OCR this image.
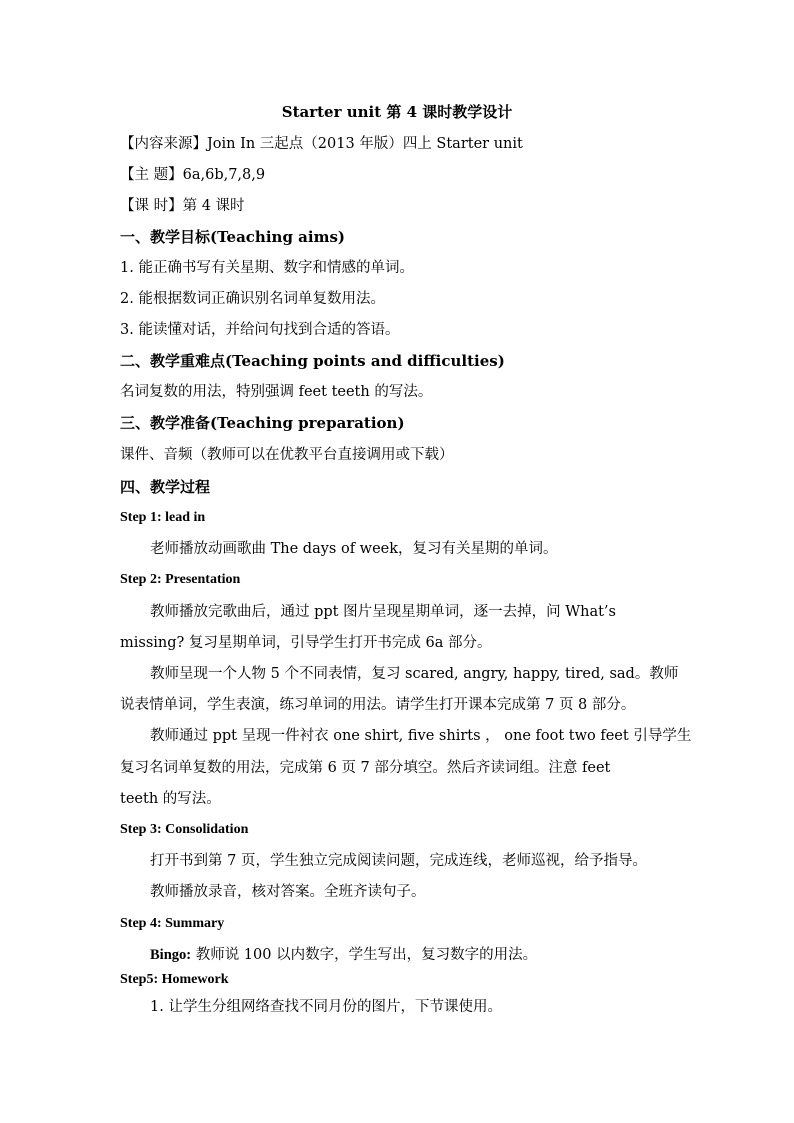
Starter unit 第 4 课时教学设计
【内容来源】Join In 三起点（2013 年版）四上 Starter unit
【主 题】6a,6b,7,8,9
【课 时】第 4 课时
一、教学目标(Teaching aims)
1. 能正确书写有关星期、数字和情感的单词。
2. 能根据数词正确识别名词单复数用法。
3. 能读懂对话，并给问句找到合适的答语。
二、教学重难点(Teaching points and difficulties)
名词复数的用法，特别强调 feet teeth 的写法。
三、教学准备(Teaching preparation)
课件、音频（教师可以在优教平台直接调用或下载）
四、教学过程
Step 1: lead in
老师播放动画歌曲 The days of week，复习有关星期的单词。
Step 2: Presentation
教师播放完歌曲后，通过 ppt 图片呈现星期单词，逐一去掉，问 What’s
missing? 复习星期单词，引导学生打开书完成 6a 部分。
教师呈现一个人物 5 个不同表情，复习 scared, angry, happy, tired, sad。教师
说表情单词，学生表演，练习单词的用法。请学生打开课本完成第 7 页 8 部分。
教师通过 ppt 呈现一件衬衣 one shirt, five shirts ， one foot two feet 引导学生
复习名词单复数的用法，完成第 6 页 7 部分填空。然后齐读词组。注意 feet
teeth 的写法。
Step 3: Consolidation
打开书到第 7 页，学生独立完成阅读问题，完成连线，老师巡视，给予指导。
教师播放录音，核对答案。全班齐读句子。
Step 4: Summary
Bingo: 教师说 100 以内数字，学生写出，复习数字的用法。
Step5: Homework
1. 让学生分组网络查找不同月份的图片，下节课使用。
